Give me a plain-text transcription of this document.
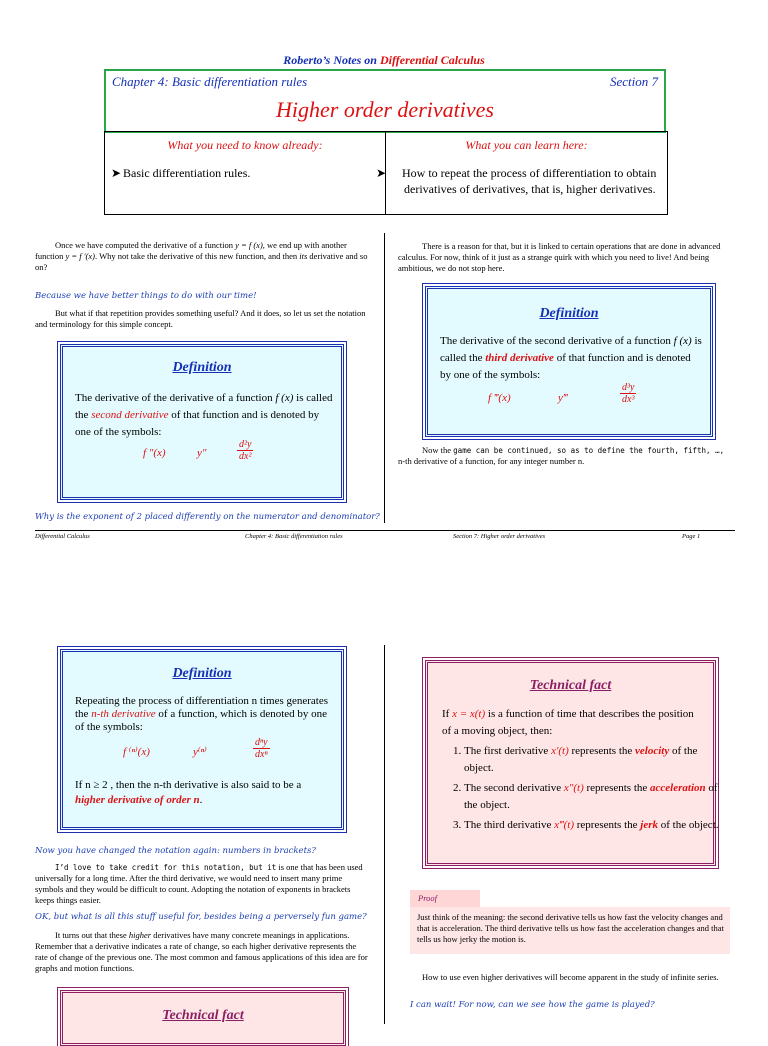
Roberto’s Notes on Differential Calculus
Chapter 4: Basic differentiation rules	Section 7
Higher order derivatives
What you need to know already:	What you can learn here:
➤ Basic differentiation rules.	➤ How to repeat the process of differentiation to obtain derivatives of derivatives, that is, higher derivatives.
Once we have computed the derivative of a function y = f (x), we end up with another function y = f ′(x). Why not take the derivative of this new function, and then its derivative and so on?
Because we have better things to do with our time!
But what if that repetition provides something useful? And it does, so let us set the notation and terminology for this simple concept.
Definition
The derivative of the derivative of a function f (x) is called the second derivative of that function and is denoted by one of the symbols:
f ″(x)	y″	$\frac{\text{d²y}}{\text{dx²}}$
Why is the exponent of 2 placed differently on the numerator and denominator?
There is a reason for that, but it is linked to certain operations that are done in advanced calculus. For now, think of it just as a strange quirk with which you need to live! And being ambitious, we do not stop here.
Definition
The derivative of the second derivative of a function f (x) is called the third derivative of that function and is denoted by one of the symbols:
f ‴(x)	y‴	$\frac{\text{d³y}}{\text{dx³}}$
Now the game can be continued, so as to define the fourth, fifth, …, n-th derivative of a function, for any integer number n.
Differential Calculus	Chapter 4: Basic differentiation rules	Section 7: Higher order derivatives	Page 1
Definition
Repeating the process of differentiation n times generates the n-th derivative of a function, which is denoted by one of the symbols:
f ⁽ⁿ⁾(x)	y⁽ⁿ⁾
dⁿy
dxⁿ
If n ≥ 2 , then the n-th derivative is also said to be a higher derivative of order n.
Now you have changed the notation again: numbers in brackets?
I’d love to take credit for this notation, but it is one that has been used universally for a long time. After the third derivative, we would need to insert many prime symbols and they would be difficult to count. Adopting the notation of exponents in brackets keeps things easier.
OK, but what is all this stuff useful for, besides being a perversely fun game?
It turns out that these higher derivatives have many concrete meanings in applications. Remember that a derivative indicates a rate of change, so each higher derivative represents the rate of change of the previous one. The most common and famous applications of this idea are for graphs and motion functions.
Technical fact
Technical fact
If x = x(t) is a function of time that describes the position of a moving object, then:
1. The first derivative x′(t) represents the velocity of the object.
2. The second derivative x″(t) represents the acceleration of the object.
3. The third derivative x‴(t) represents the jerk of the object.
Proof
Just think of the meaning: the second derivative tells us how fast the velocity changes and that is acceleration. The third derivative tells us how fast the acceleration changes and that tells us how jerky the motion is.
How to use even higher derivatives will become apparent in the study of infinite series.
I can wait! For now, can we see how the game is played?
